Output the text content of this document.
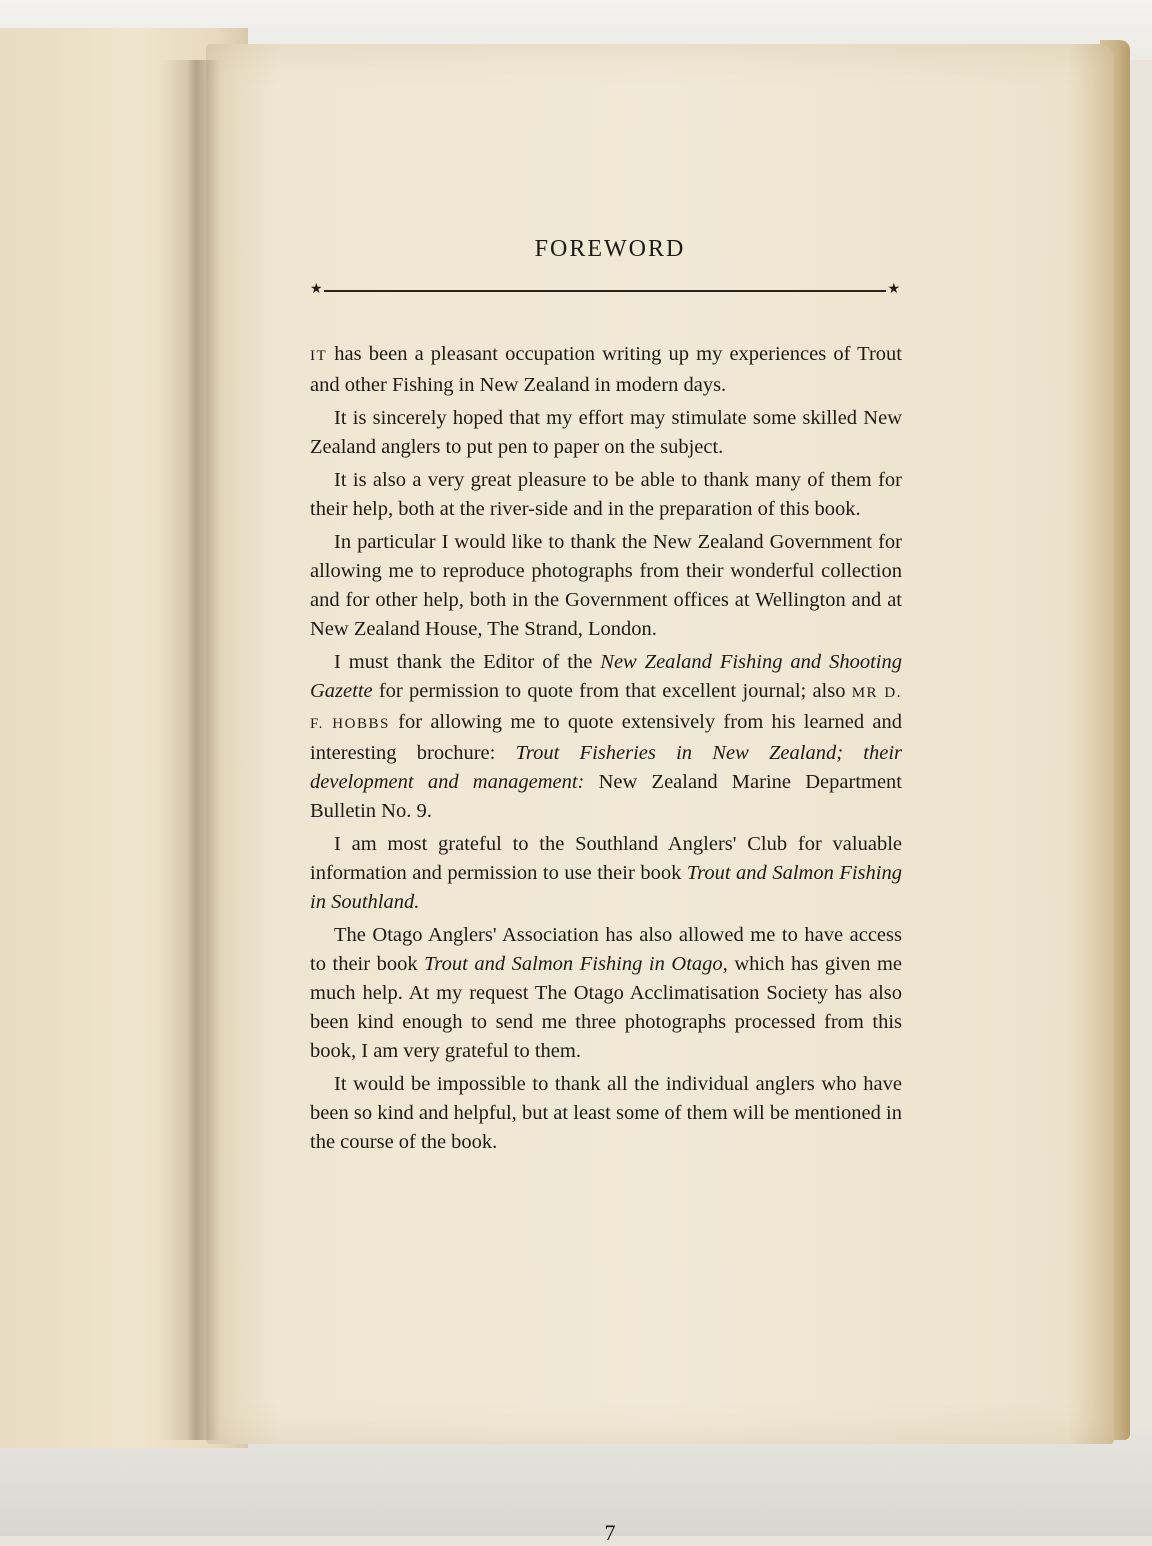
FOREWORD
★	★

IT has been a pleasant occupation writing up my experiences of Trout and other Fishing in New Zealand in modern days.

It is sincerely hoped that my effort may stimulate some skilled New Zealand anglers to put pen to paper on the subject.

It is also a very great pleasure to be able to thank many of them for their help, both at the river-side and in the preparation of this book.

In particular I would like to thank the New Zealand Government for allowing me to reproduce photographs from their wonderful collection and for other help, both in the Government offices at Wellington and at New Zealand House, The Strand, London.

I must thank the Editor of the New Zealand Fishing and Shooting Gazette for permission to quote from that excellent journal; also MR D. F. HOBBS for allowing me to quote extensively from his learned and interesting brochure: Trout Fisheries in New Zealand; their development and management: New Zealand Marine Department Bulletin No. 9.

I am most grateful to the Southland Anglers' Club for valuable information and permission to use their book Trout and Salmon Fishing in Southland.

The Otago Anglers' Association has also allowed me to have access to their book Trout and Salmon Fishing in Otago, which has given me much help. At my request The Otago Acclimatisation Society has also been kind enough to send me three photographs processed from this book, I am very grateful to them.

It would be impossible to thank all the individual anglers who have been so kind and helpful, but at least some of them will be mentioned in the course of the book.

7
